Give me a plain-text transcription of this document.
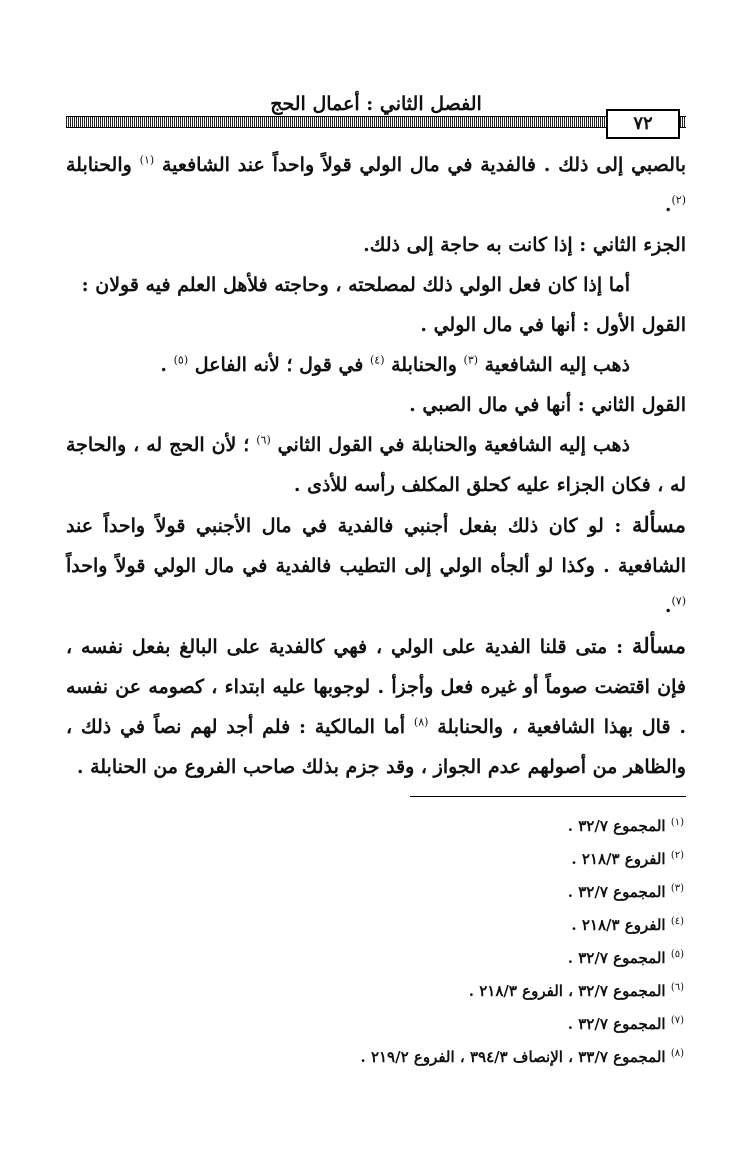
الفصل الثاني : أعمال الحج
٧٢

بالصبي إلى ذلك . فالفدية في مال الولي قولاً واحداً عند الشافعية $^{(١)}$ والحنابلة $^{(٢)}$.

الجزء الثاني : إذا كانت به حاجة إلى ذلك.

أما إذا كان فعل الولي ذلك لمصلحته ، وحاجته فلأهل العلم فيه قولان :

القول الأول : أنها في مال الولي .

ذهب إليه الشافعية $^{(٣)}$ والحنابلة $^{(٤)}$ في قول ؛ لأنه الفاعل $^{(٥)}$ .

القول الثاني : أنها في مال الصبي .

ذهب إليه الشافعية والحنابلة في القول الثاني $^{(٦)}$ ؛ لأن الحج له ، والحاجة له ، فكان الجزاء عليه كحلق المكلف رأسه للأذى .

مسألة : لو كان ذلك بفعل أجنبي فالفدية في مال الأجنبي قولاً واحداً عند الشافعية . وكذا لو ألجأه الولي إلى التطيب فالفدية في مال الولي قولاً واحداً $^{(٧)}$.

مسألة : متى قلنا الفدية على الولي ، فهي كالفدية على البالغ بفعل نفسه ، فإن اقتضت صوماً أو غيره فعل وأجزأ . لوجوبها عليه ابتداء ، كصومه عن نفسه . قال بهذا الشافعية ، والحنابلة $^{(٨)}$ أما المالكية : فلم أجد لهم نصاً في ذلك ، والظاهر من أصولهم عدم الجواز ، وقد جزم بذلك صاحب الفروع من الحنابلة .

$^{(١)}$ المجموع ٣٢/٧ .

$^{(٢)}$ الفروع ٢١٨/٣ .

$^{(٣)}$ المجموع ٣٢/٧ .

$^{(٤)}$ الفروع ٢١٨/٣ .

$^{(٥)}$ المجموع ٣٢/٧ .

$^{(٦)}$ المجموع ٣٢/٧ ، الفروع ٢١٨/٣ .

$^{(٧)}$ المجموع ٣٢/٧ .

$^{(٨)}$ المجموع ٣٣/٧ ، الإنصاف ٣٩٤/٣ ، الفروع ٢١٩/٢ .
